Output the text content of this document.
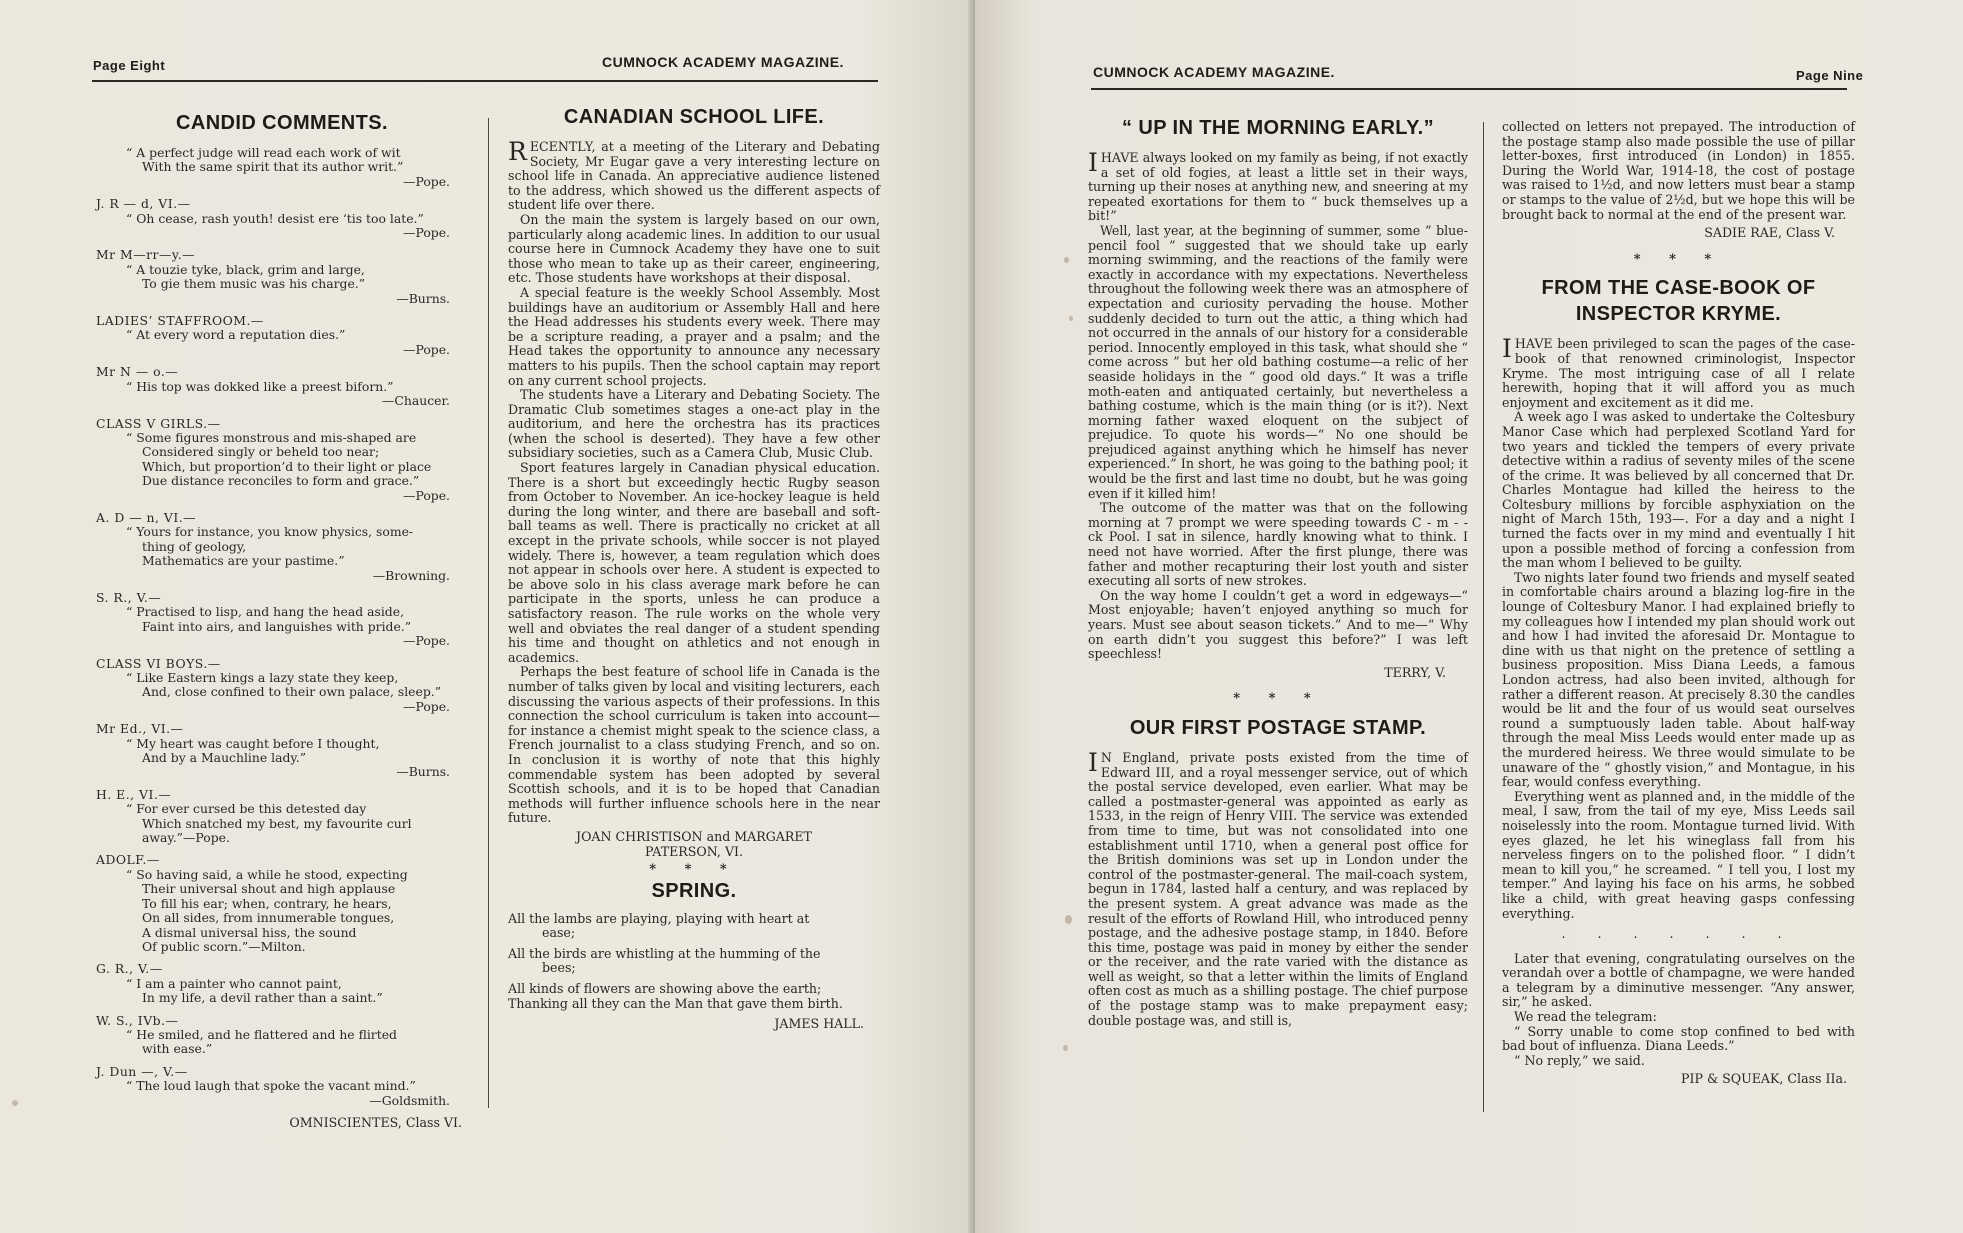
Page Eight	CUMNOCK ACADEMY MAGAZINE.
CANDID COMMENTS.
“ A perfect judge will read each work of wit
With the same spirit that its author writ.”
—Pope.
J. R — d, VI.—
“ Oh cease, rash youth! desist ere ‘tis too late.”
—Pope.
Mr M—rr—y.—
“ A touzie tyke, black, grim and large,
To gie them music was his charge.”
—Burns.
LADIES’ STAFFROOM.—
“ At every word a reputation dies.”
—Pope.
Mr N — o.—
“ His top was dokked like a preest biforn.”
—Chaucer.
CLASS V GIRLS.—
“ Some figures monstrous and mis-shaped are
Considered singly or beheld too near;
Which, but proportion’d to their light or place
Due distance reconciles to form and grace.”
—Pope.
A. D — n, VI.—
“ Yours for instance, you know physics, some-
thing of geology,
Mathematics are your pastime.”
—Browning.
S. R., V.—
“ Practised to lisp, and hang the head aside,
Faint into airs, and languishes with pride.”
—Pope.
CLASS VI BOYS.—
“ Like Eastern kings a lazy state they keep,
And, close confined to their own palace, sleep.”
—Pope.
Mr Ed., VI.—
“ My heart was caught before I thought,
And by a Mauchline lady.”
—Burns.
H. E., VI.—
“ For ever cursed be this detested day
Which snatched my best, my favourite curl
away.”—Pope.
ADOLF.—
“ So having said, a while he stood, expecting
Their universal shout and high applause
To fill his ear; when, contrary, he hears,
On all sides, from innumerable tongues,
A dismal universal hiss, the sound
Of public scorn.”—Milton.
G. R., V.—
“ I am a painter who cannot paint,
In my life, a devil rather than a saint.”
W. S., IVb.—
“ He smiled, and he flattered and he flirted
with ease.”
J. Dun —, V.—
“ The loud laugh that spoke the vacant mind.”
—Goldsmith.
OMNISCIENTES, Class VI.
CANADIAN SCHOOL LIFE.

RECENTLY, at a meeting of the Literary and Debating Society, Mr Eugar gave a very interesting lecture on school life in Canada. An appreciative audience listened to the address, which showed us the different aspects of student life over there.

On the main the system is largely based on our own, particularly along academic lines. In addition to our usual course here in Cumnock Academy they have one to suit those who mean to take up as their career, engineering, etc. Those students have workshops at their disposal.

A special feature is the weekly School Assembly. Most buildings have an auditorium or Assembly Hall and here the Head addresses his students every week. There may be a scripture reading, a prayer and a psalm; and the Head takes the opportunity to announce any necessary matters to his pupils. Then the school captain may report on any current school projects.

The students have a Literary and Debating Society. The Dramatic Club sometimes stages a one-act play in the auditorium, and here the orchestra has its practices (when the school is deserted). They have a few other subsidiary societies, such as a Camera Club, Music Club.

Sport features largely in Canadian physical education. There is a short but exceedingly hectic Rugby season from October to November. An ice-hockey league is held during the long winter, and there are baseball and soft-ball teams as well. There is practically no cricket at all except in the private schools, while soccer is not played widely. There is, however, a team regulation which does not appear in schools over here. A student is expected to be above solo in his class average mark before he can participate in the sports, unless he can produce a satisfactory reason. The rule works on the whole very well and obviates the real danger of a student spending his time and thought on athletics and not enough in academics.

Perhaps the best feature of school life in Canada is the number of talks given by local and visiting lecturers, each discussing the various aspects of their professions. In this connection the school curriculum is taken into account—for instance a chemist might speak to the science class, a French journalist to a class studying French, and so on. In conclusion it is worthy of note that this highly commendable system has been adopted by several Scottish schools, and it is to be hoped that Canadian methods will further influence schools here in the near future.

JOAN CHRISTISON and MARGARET
PATERSON, VI.
* * *
SPRING.

All the lambs are playing, playing with heart at
ease;

All the birds are whistling at the humming of the
bees;

All kinds of flowers are showing above the earth;
Thanking all they can the Man that gave them birth.

JAMES HALL.
CUMNOCK ACADEMY MAGAZINE.	Page Nine
“ UP IN THE MORNING EARLY.”

IHAVE always looked on my family as being, if not exactly a set of old fogies, at least a little set in their ways, turning up their noses at anything new, and sneering at my repeated exortations for them to “ buck themselves up a bit!”

Well, last year, at the beginning of summer, some “ blue-pencil fool ” suggested that we should take up early morning swimming, and the reactions of the family were exactly in accordance with my expectations. Nevertheless throughout the following week there was an atmosphere of expectation and curiosity pervading the house. Mother suddenly decided to turn out the attic, a thing which had not occurred in the annals of our history for a considerable period. Innocently employed in this task, what should she “ come across ” but her old bathing costume—a relic of her seaside holidays in the “ good old days.” It was a trifle moth-eaten and antiquated certainly, but nevertheless a bathing costume, which is the main thing (or is it?). Next morning father waxed eloquent on the subject of prejudice. To quote his words—“ No one should be prejudiced against anything which he himself has never experienced.” In short, he was going to the bathing pool; it would be the first and last time no doubt, but he was going even if it killed him!

The outcome of the matter was that on the following morning at 7 prompt we were speeding towards C - m - - ck Pool. I sat in silence, hardly knowing what to think. I need not have worried. After the first plunge, there was father and mother recapturing their lost youth and sister executing all sorts of new strokes.

On the way home I couldn’t get a word in edgeways—“ Most enjoyable; haven’t enjoyed anything so much for years. Must see about season tickets.” And to me—“ Why on earth didn’t you suggest this before?” I was left speechless!

TERRY, V.
* * *
OUR FIRST POSTAGE STAMP.

IN England, private posts existed from the time of Edward III, and a royal messenger service, out of which the postal service developed, even earlier. What may be called a postmaster-general was appointed as early as 1533, in the reign of Henry VIII. The service was extended from time to time, but was not consolidated into one establishment until 1710, when a general post office for the British dominions was set up in London under the control of the postmaster-general. The mail-coach system, begun in 1784, lasted half a century, and was replaced by the present system. A great advance was made as the result of the efforts of Rowland Hill, who introduced penny postage, and the adhesive postage stamp, in 1840. Before this time, postage was paid in money by either the sender or the receiver, and the rate varied with the distance as well as weight, so that a letter within the limits of England often cost as much as a shilling postage. The chief purpose of the postage stamp was to make prepayment easy; double postage was, and still is,

collected on letters not prepayed. The introduction of the postage stamp also made possible the use of pillar letter-boxes, first introduced (in London) in 1855. During the World War, 1914-18, the cost of postage was raised to 1½d, and now letters must bear a stamp or stamps to the value of 2½d, but we hope this will be brought back to normal at the end of the present war.

SADIE RAE, Class V.
* * *
FROM THE CASE-BOOK OF
INSPECTOR KRYME.

IHAVE been privileged to scan the pages of the case-book of that renowned criminologist, Inspector Kryme. The most intriguing case of all I relate herewith, hoping that it will afford you as much enjoyment and excitement as it did me.

A week ago I was asked to undertake the Coltesbury Manor Case which had perplexed Scotland Yard for two years and tickled the tempers of every private detective within a radius of seventy miles of the scene of the crime. It was believed by all concerned that Dr. Charles Montague had killed the heiress to the Coltesbury millions by forcible asphyxiation on the night of March 15th, 193—. For a day and a night I turned the facts over in my mind and eventually I hit upon a possible method of forcing a confession from the man whom I believed to be guilty.

Two nights later found two friends and myself seated in comfortable chairs around a blazing log-fire in the lounge of Coltesbury Manor. I had explained briefly to my colleagues how I intended my plan should work out and how I had invited the aforesaid Dr. Montague to dine with us that night on the pretence of settling a business proposition. Miss Diana Leeds, a famous London actress, had also been invited, although for rather a different reason. At precisely 8.30 the candles would be lit and the four of us would seat ourselves round a sumptuously laden table. About half-way through the meal Miss Leeds would enter made up as the murdered heiress. We three would simulate to be unaware of the “ ghostly vision,” and Montague, in his fear, would confess everything.

Everything went as planned and, in the middle of the meal, I saw, from the tail of my eye, Miss Leeds sail noiselessly into the room. Montague turned livid. With eyes glazed, he let his wineglass fall from his nerveless fingers on to the polished floor. “ I didn’t mean to kill you,” he screamed. “ I tell you, I lost my temper.” And laying his face on his arms, he sobbed like a child, with great heaving gasps confessing everything.

. . . . . . .

Later that evening, congratulating ourselves on the verandah over a bottle of champagne, we were handed a telegram by a diminutive messenger. “Any answer, sir,” he asked.

We read the telegram:

“ Sorry unable to come stop confined to bed with bad bout of influenza. Diana Leeds.”

“ No reply,” we said.

PIP & SQUEAK, Class IIa.
